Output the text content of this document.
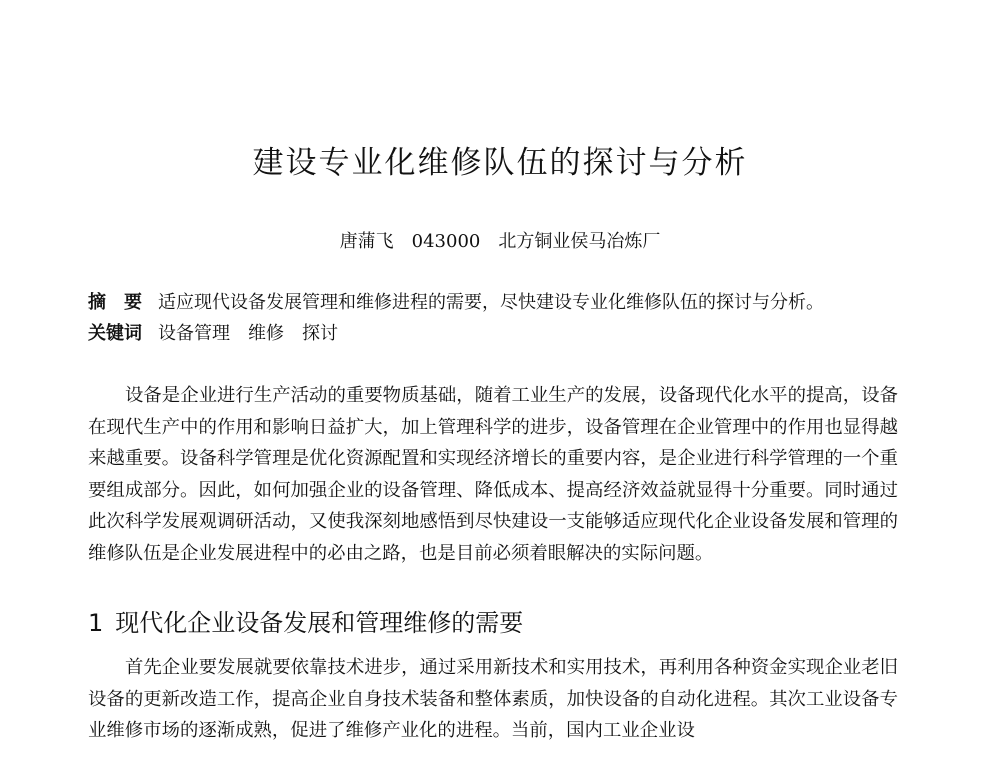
建设专业化维修队伍的探讨与分析
唐蒲飞 043000 北方铜业侯马冶炼厂
摘　要 适应现代设备发展管理和维修进程的需要，尽快建设专业化维修队伍的探讨与分析。
关键词 设备管理 维修 探讨

设备是企业进行生产活动的重要物质基础，随着工业生产的发展，设备现代化水平的提高，设备在现代生产中的作用和影响日益扩大，加上管理科学的进步，设备管理在企业管理中的作用也显得越来越重要。设备科学管理是优化资源配置和实现经济增长的重要内容，是企业进行科学管理的一个重要组成部分。因此，如何加强企业的设备管理、降低成本、提高经济效益就显得十分重要。同时通过此次科学发展观调研活动，又使我深刻地感悟到尽快建设一支能够适应现代化企业设备发展和管理的维修队伍是企业发展进程中的必由之路，也是目前必须着眼解决的实际问题。

1 现代化企业设备发展和管理维修的需要

首先企业要发展就要依靠技术进步，通过采用新技术和实用技术，再利用各种资金实现企业老旧设备的更新改造工作，提高企业自身技术装备和整体素质，加快设备的自动化进程。其次工业设备专业维修市场的逐渐成熟，促进了维修产业化的进程。当前，国内工业企业设
